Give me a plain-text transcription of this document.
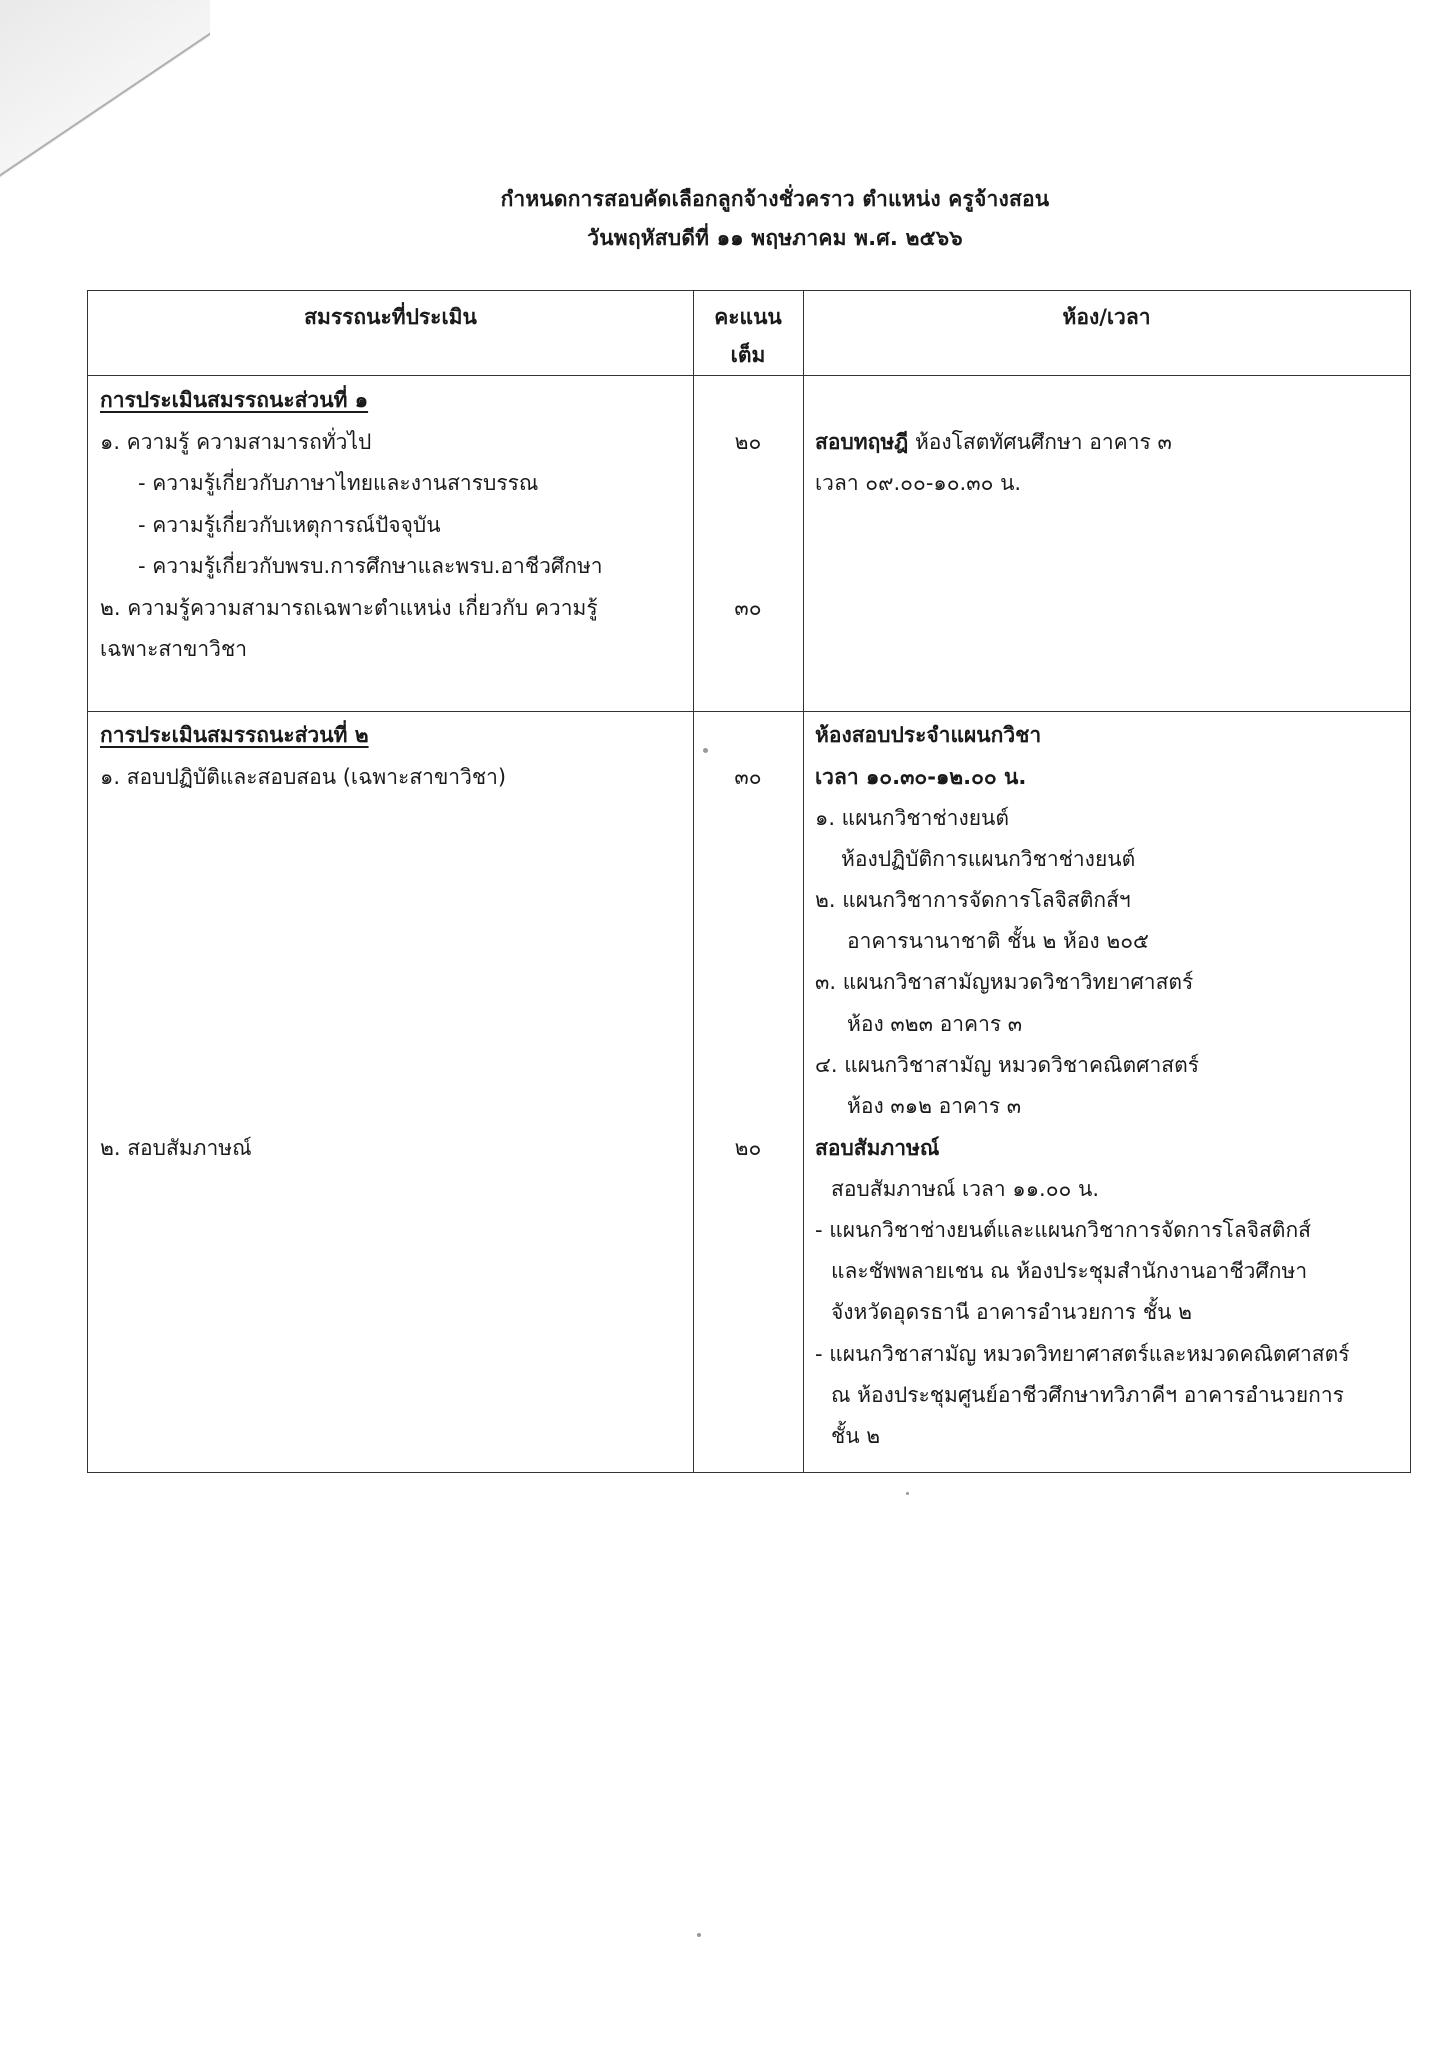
กำหนดการสอบคัดเลือกลูกจ้างชั่วคราว ตำแหน่ง ครูจ้างสอน
วันพฤหัสบดีที่ ๑๑ พฤษภาคม พ.ศ. ๒๕๖๖
สมรรถนะที่ประเมิน	คะแนน
เต็ม
ห้อง/เวลา
การประเมินสมรรถนะส่วนที่ ๑
๑. ความรู้ ความสามารถทั่วไป
- ความรู้เกี่ยวกับภาษาไทยและงานสารบรรณ
- ความรู้เกี่ยวกับเหตุการณ์ปัจจุบัน
- ความรู้เกี่ยวกับพรบ.การศึกษาและพรบ.อาชีวศึกษา
๒. ความรู้ความสามารถเฉพาะตำแหน่ง เกี่ยวกับ ความรู้
เฉพาะสาขาวิชา
๒๐
๓๐
สอบทฤษฎี ห้องโสตทัศนศึกษา อาคาร ๓
เวลา ๐๙.๐๐-๑๐.๓๐ น.
การประเมินสมรรถนะส่วนที่ ๒
๑. สอบปฏิบัติและสอบสอน (เฉพาะสาขาวิชา)
๒. สอบสัมภาษณ์
๓๐
๒๐
ห้องสอบประจำแผนกวิชา
เวลา ๑๐.๓๐-๑๒.๐๐ น.
๑. แผนกวิชาช่างยนต์
ห้องปฏิบัติการแผนกวิชาช่างยนต์
๒. แผนกวิชาการจัดการโลจิสติกส์ฯ
อาคารนานาชาติ ชั้น ๒ ห้อง ๒๐๕
๓. แผนกวิชาสามัญหมวดวิชาวิทยาศาสตร์
ห้อง ๓๒๓ อาคาร ๓
๔. แผนกวิชาสามัญ หมวดวิชาคณิตศาสตร์
ห้อง ๓๑๒ อาคาร ๓
สอบสัมภาษณ์
สอบสัมภาษณ์ เวลา ๑๑.๐๐ น.
- แผนกวิชาช่างยนต์และแผนกวิชาการจัดการโลจิสติกส์
และชัพพลายเชน ณ ห้องประชุมสำนักงานอาชีวศึกษา
จังหวัดอุดรธานี อาคารอำนวยการ ชั้น ๒
- แผนกวิชาสามัญ หมวดวิทยาศาสตร์และหมวดคณิตศาสตร์
ณ ห้องประชุมศูนย์อาชีวศึกษาทวิภาคีฯ อาคารอำนวยการ
ชั้น ๒
